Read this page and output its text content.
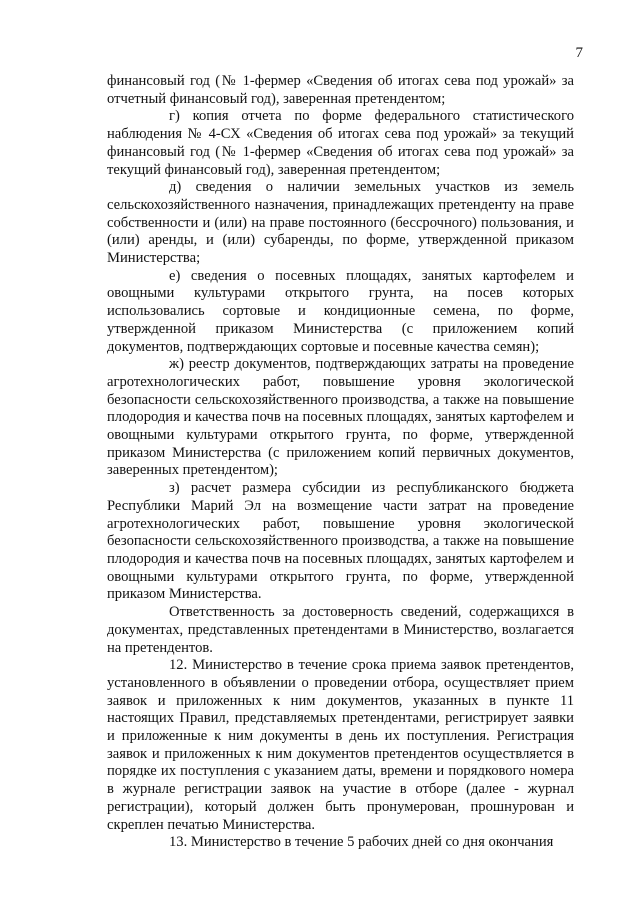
7

финансовый год (№ 1-фермер «Сведения об итогах сева под урожай» за отчетный финансовый год), заверенная претендентом;

г) копия отчета по форме федерального статистического наблюдения № 4-СХ «Сведения об итогах сева под урожай» за текущий финансовый год (№ 1-фермер «Сведения об итогах сева под урожай» за текущий финансовый год), заверенная претендентом;

д) сведения о наличии земельных участков из земель сельскохозяйственного назначения, принадлежащих претенденту на праве собственности и (или) на праве постоянного (бессрочного) пользования, и (или) аренды, и (или) субаренды, по форме, утвержденной приказом Министерства;

е) сведения о посевных площадях, занятых картофелем и овощными культурами открытого грунта, на посев которых использовались сортовые и кондиционные семена, по форме, утвержденной приказом Министерства (с приложением копий документов, подтверждающих сортовые и посевные качества семян);

ж) реестр документов, подтверждающих затраты на проведение агротехнологических работ, повышение уровня экологической безопасности сельскохозяйственного производства, а также на повышение плодородия и качества почв на посевных площадях, занятых картофелем и овощными культурами открытого грунта, по форме, утвержденной приказом Министерства (с приложением копий первичных документов, заверенных претендентом);

з) расчет размера субсидии из республиканского бюджета Республики Марий Эл на возмещение части затрат на проведение агротехнологических работ, повышение уровня экологической безопасности сельскохозяйственного производства, а также на повышение плодородия и качества почв на посевных площадях, занятых картофелем и овощными культурами открытого грунта, по форме, утвержденной приказом Министерства.

Ответственность за достоверность сведений, содержащихся в документах, представленных претендентами в Министерство, возлагается на претендентов.

12. Министерство в течение срока приема заявок претендентов, установленного в объявлении о проведении отбора, осуществляет прием заявок и приложенных к ним документов, указанных в пункте 11 настоящих Правил, представляемых претендентами, регистрирует заявки и приложенные к ним документы в день их поступления. Регистрация заявок и приложенных к ним документов претендентов осуществляется в порядке их поступления с указанием даты, времени и порядкового номера в журнале регистрации заявок на участие в отборе (далее - журнал регистрации), который должен быть пронумерован, прошнурован и скреплен печатью Министерства.

13. Министерство в течение 5 рабочих дней со дня окончания
